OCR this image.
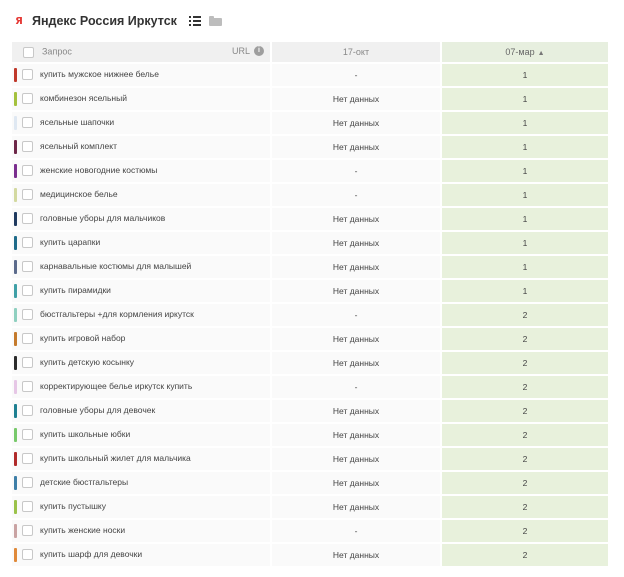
Я Яндекс Россия Иркутск
Запрос URL i	17-окт	07-мар ▲

купить мужское нижнее белье	-	1

комбинезон ясельный	Нет данных	1

ясельные шапочки	Нет данных	1

ясельный комплект	Нет данных	1

женские новогодние костюмы	-	1

медицинское белье	-	1

головные уборы для мальчиков	Нет данных	1

купить царапки	Нет данных	1

карнавальные костюмы для малышей	Нет данных	1

купить пирамидки	Нет данных	1

бюстгальтеры +для кормления иркутск	-	2

купить игровой набор	Нет данных	2

купить детскую косынку	Нет данных	2

корректирующее белье иркутск купить	-	2

головные уборы для девочек	Нет данных	2

купить школьные юбки	Нет данных	2

купить школьный жилет для мальчика	Нет данных	2

детские бюстгальтеры	Нет данных	2

купить пустышку	Нет данных	2

купить женские носки	-	2

купить шарф для девочки	Нет данных	2
